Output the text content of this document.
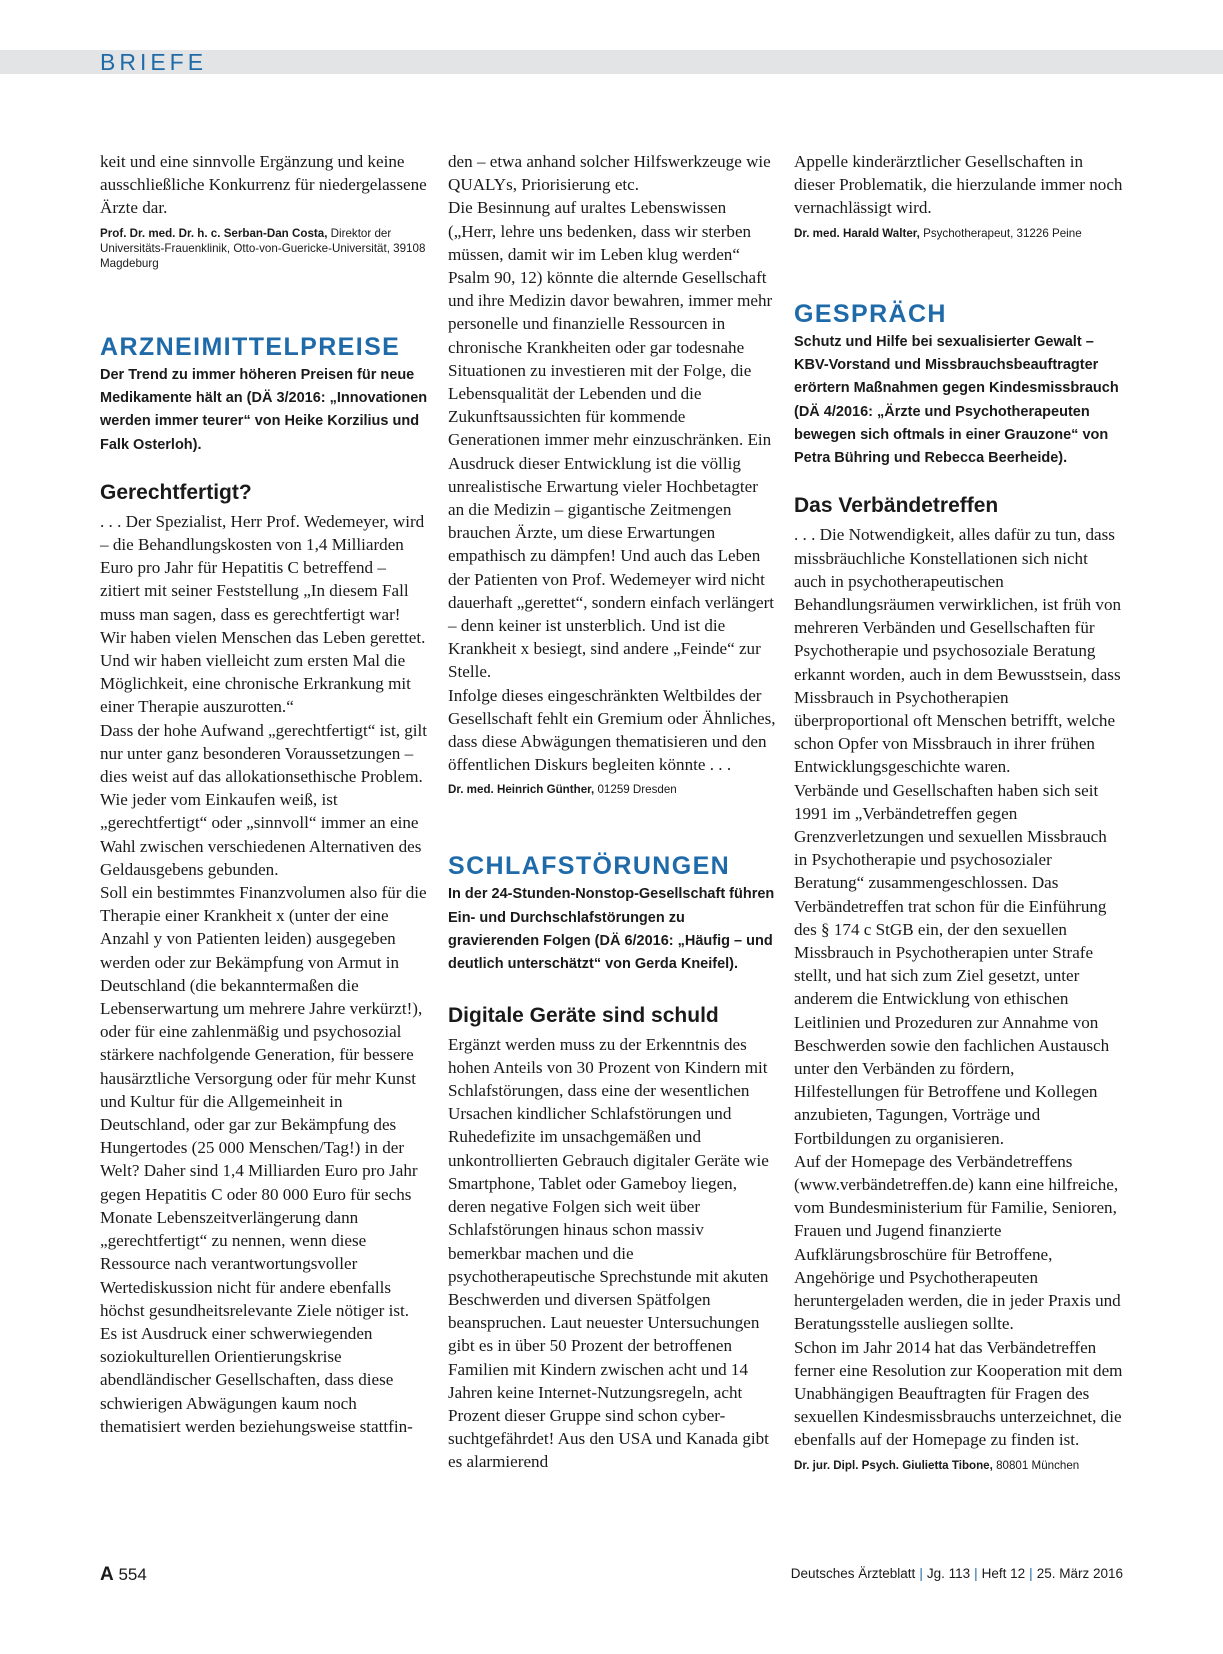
BRIEFE

keit und eine sinnvolle Ergänzung und keine ausschließliche Konkurrenz für niedergelassene Ärzte dar.

Prof. Dr. med. Dr. h. c. Serban-Dan Costa, Direktor der Universitäts-Frauenklinik, Otto-von-Guericke-Universität, 39108 Magdeburg

ARZNEIMITTELPREISE

Der Trend zu immer höheren Preisen für neue Medikamente hält an (DÄ 3/2016: „Innovationen werden immer teurer“ von Heike Korzilius und Falk Osterloh).

Gerechtfertigt?

. . . Der Spezialist, Herr Prof. Wedemeyer, wird – die Behandlungskosten von 1,4 Milliarden Euro pro Jahr für Hepatitis C betreffend – zitiert mit seiner Feststellung „In diesem Fall muss man sagen, dass es gerechtfertigt war! Wir haben vielen Menschen das Leben gerettet. Und wir haben vielleicht zum ersten Mal die Möglichkeit, eine chronische Erkrankung mit einer Therapie auszurotten.“

Dass der hohe Aufwand „gerechtfertigt“ ist, gilt nur unter ganz besonderen Voraussetzungen – dies weist auf das allokationsethische Problem. Wie jeder vom Einkaufen weiß, ist „gerechtfertigt“ oder „sinnvoll“ immer an eine Wahl zwischen verschiedenen Alternativen des Geldausgebens gebunden.

Soll ein bestimmtes Finanzvolumen also für die Therapie einer Krankheit x (unter der eine Anzahl y von Patienten leiden) ausgegeben werden oder zur Bekämpfung von Armut in Deutschland (die bekanntermaßen die Lebenserwartung um mehrere Jahre verkürzt!), oder für eine zahlenmäßig und psychosozial stärkere nachfolgende Generation, für bessere hausärztliche Versorgung oder für mehr Kunst und Kultur für die Allgemeinheit in Deutschland, oder gar zur Bekämpfung des Hungertodes (25 000 Menschen/Tag!) in der Welt? Daher sind 1,4 Milliarden Euro pro Jahr gegen Hepatitis C oder 80 000 Euro für sechs Monate Lebenszeitverlängerung dann „gerechtfertigt“ zu nennen, wenn diese Ressource nach verantwortungsvoller Wertediskussion nicht für andere ebenfalls höchst gesundheitsrelevante Ziele nötiger ist.

Es ist Ausdruck einer schwerwiegenden soziokulturellen Orientierungskrise abendländischer Gesellschaften, dass diese schwierigen Abwägungen kaum noch thematisiert werden beziehungsweise stattfin-

den – etwa anhand solcher Hilfswerkzeuge wie QUALYs, Priorisierung etc.

Die Besinnung auf uraltes Lebenswissen („Herr, lehre uns bedenken, dass wir sterben müssen, damit wir im Leben klug werden“ Psalm 90, 12) könnte die alternde Gesellschaft und ihre Medizin davor bewahren, immer mehr personelle und finanzielle Ressourcen in chronische Krankheiten oder gar todesnahe Situationen zu investieren mit der Folge, die Lebensqualität der Lebenden und die Zukunftsaussichten für kommende Generationen immer mehr einzuschränken. Ein Ausdruck dieser Entwicklung ist die völlig unrealistische Erwartung vieler Hochbetagter an die Medizin – gigantische Zeitmengen brauchen Ärzte, um diese Erwartungen empathisch zu dämpfen! Und auch das Leben der Patienten von Prof. Wedemeyer wird nicht dauerhaft „gerettet“, sondern einfach verlängert – denn keiner ist unsterblich. Und ist die Krankheit x besiegt, sind andere „Feinde“ zur Stelle.

Infolge dieses eingeschränkten Weltbildes der Gesellschaft fehlt ein Gremium oder Ähnliches, dass diese Abwägungen thematisieren und den öffentlichen Diskurs begleiten könnte . . .

Dr. med. Heinrich Günther, 01259 Dresden

SCHLAFSTÖRUNGEN

In der 24-Stunden-Nonstop-Gesellschaft führen Ein- und Durchschlafstörungen zu gravierenden Folgen (DÄ 6/2016: „Häufig – und deutlich unterschätzt“ von Gerda Kneifel).

Digitale Geräte sind schuld

Ergänzt werden muss zu der Erkenntnis des hohen Anteils von 30 Prozent von Kindern mit Schlafstörungen, dass eine der wesentlichen Ursachen kindlicher Schlafstörungen und Ruhedefizite im unsachgemäßen und unkontrollierten Gebrauch digitaler Geräte wie Smartphone, Tablet oder Gameboy liegen, deren negative Folgen sich weit über Schlafstörungen hinaus schon massiv bemerkbar machen und die psychotherapeutische Sprechstunde mit akuten Beschwerden und diversen Spätfolgen beanspruchen. Laut neuester Untersuchungen gibt es in über 50 Prozent der betroffenen Familien mit Kindern zwischen acht und 14 Jahren keine Internet-Nutzungsregeln, acht Prozent dieser Gruppe sind schon cyber-suchtgefährdet! Aus den USA und Kanada gibt es alarmierend

Appelle kinderärztlicher Gesellschaften in dieser Problematik, die hierzulande immer noch vernachlässigt wird.

Dr. med. Harald Walter, Psychotherapeut, 31226 Peine

GESPRÄCH

Schutz und Hilfe bei sexualisierter Gewalt – KBV-Vorstand und Missbrauchsbeauftragter erörtern Maßnahmen gegen Kindesmissbrauch (DÄ 4/2016: „Ärzte und Psychotherapeuten bewegen sich oftmals in einer Grauzone“ von Petra Bühring und Rebecca Beerheide).

Das Verbändetreffen

. . . Die Notwendigkeit, alles dafür zu tun, dass missbräuchliche Konstellationen sich nicht auch in psychotherapeutischen Behandlungsräumen verwirklichen, ist früh von mehreren Verbänden und Gesellschaften für Psychotherapie und psychosoziale Beratung erkannt worden, auch in dem Bewusstsein, dass Missbrauch in Psychotherapien überproportional oft Menschen betrifft, welche schon Opfer von Missbrauch in ihrer frühen Entwicklungsgeschichte waren.

Verbände und Gesellschaften haben sich seit 1991 im „Verbändetreffen gegen Grenzverletzungen und sexuellen Missbrauch in Psychotherapie und psychosozialer Beratung“ zusammengeschlossen. Das Verbändetreffen trat schon für die Einführung des § 174 c StGB ein, der den sexuellen Missbrauch in Psychotherapien unter Strafe stellt, und hat sich zum Ziel gesetzt, unter anderem die Entwicklung von ethischen Leitlinien und Prozeduren zur Annahme von Beschwerden sowie den fachlichen Austausch unter den Verbänden zu fördern, Hilfestellungen für Betroffene und Kollegen anzubieten, Tagungen, Vorträge und Fortbildungen zu organisieren.

Auf der Homepage des Verbändetreffens (www.verbändetreffen.de) kann eine hilfreiche, vom Bundesministerium für Familie, Senioren, Frauen und Jugend finanzierte Aufklärungsbroschüre für Betroffene, Angehörige und Psychotherapeuten heruntergeladen werden, die in jeder Praxis und Beratungsstelle ausliegen sollte.

Schon im Jahr 2014 hat das Verbändetreffen ferner eine Resolution zur Kooperation mit dem Unabhängigen Beauftragten für Fragen des sexuellen Kindesmissbrauchs unterzeichnet, die ebenfalls auf der Homepage zu finden ist.

Dr. jur. Dipl. Psych. Giulietta Tibone, 80801 München

A 554	Deutsches Ärzteblatt | Jg. 113 | Heft 12 | 25. März 2016
